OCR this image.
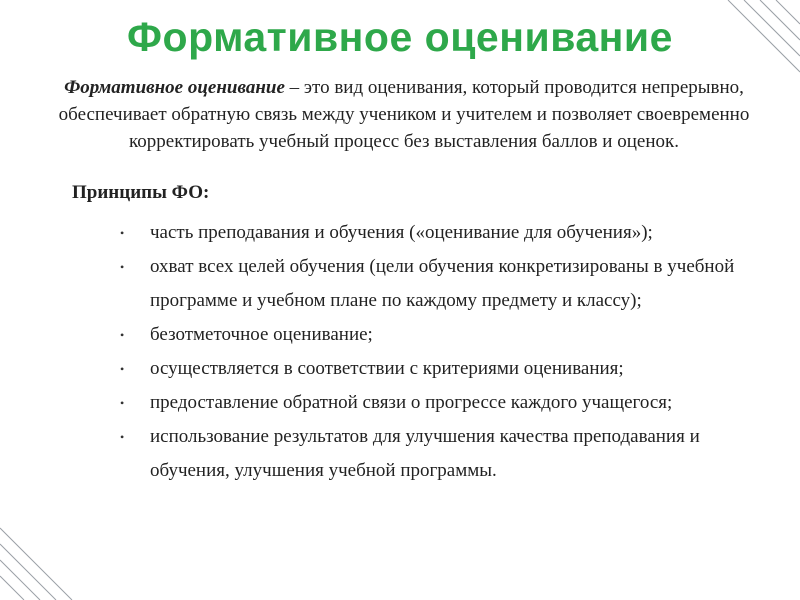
Формативное оценивание

Формативное оценивание – это вид оценивания, который проводится непрерывно, обеспечивает обратную связь между учеником и учителем и позволяет своевременно корректировать учебный процесс без выставления баллов и оценок.

Принципы ФО:

• часть преподавания и обучения («оценивание для обучения»);
• охват всех целей обучения (цели обучения конкретизированы в учебной программе и учебном плане по каждому предмету и классу);
• безотметочное оценивание;
• осуществляется в соответствии с критериями оценивания;
• предоставление обратной связи о прогрессе каждого учащегося;
• использование результатов для улучшения качества преподавания и обучения, улучшения учебной программы.
